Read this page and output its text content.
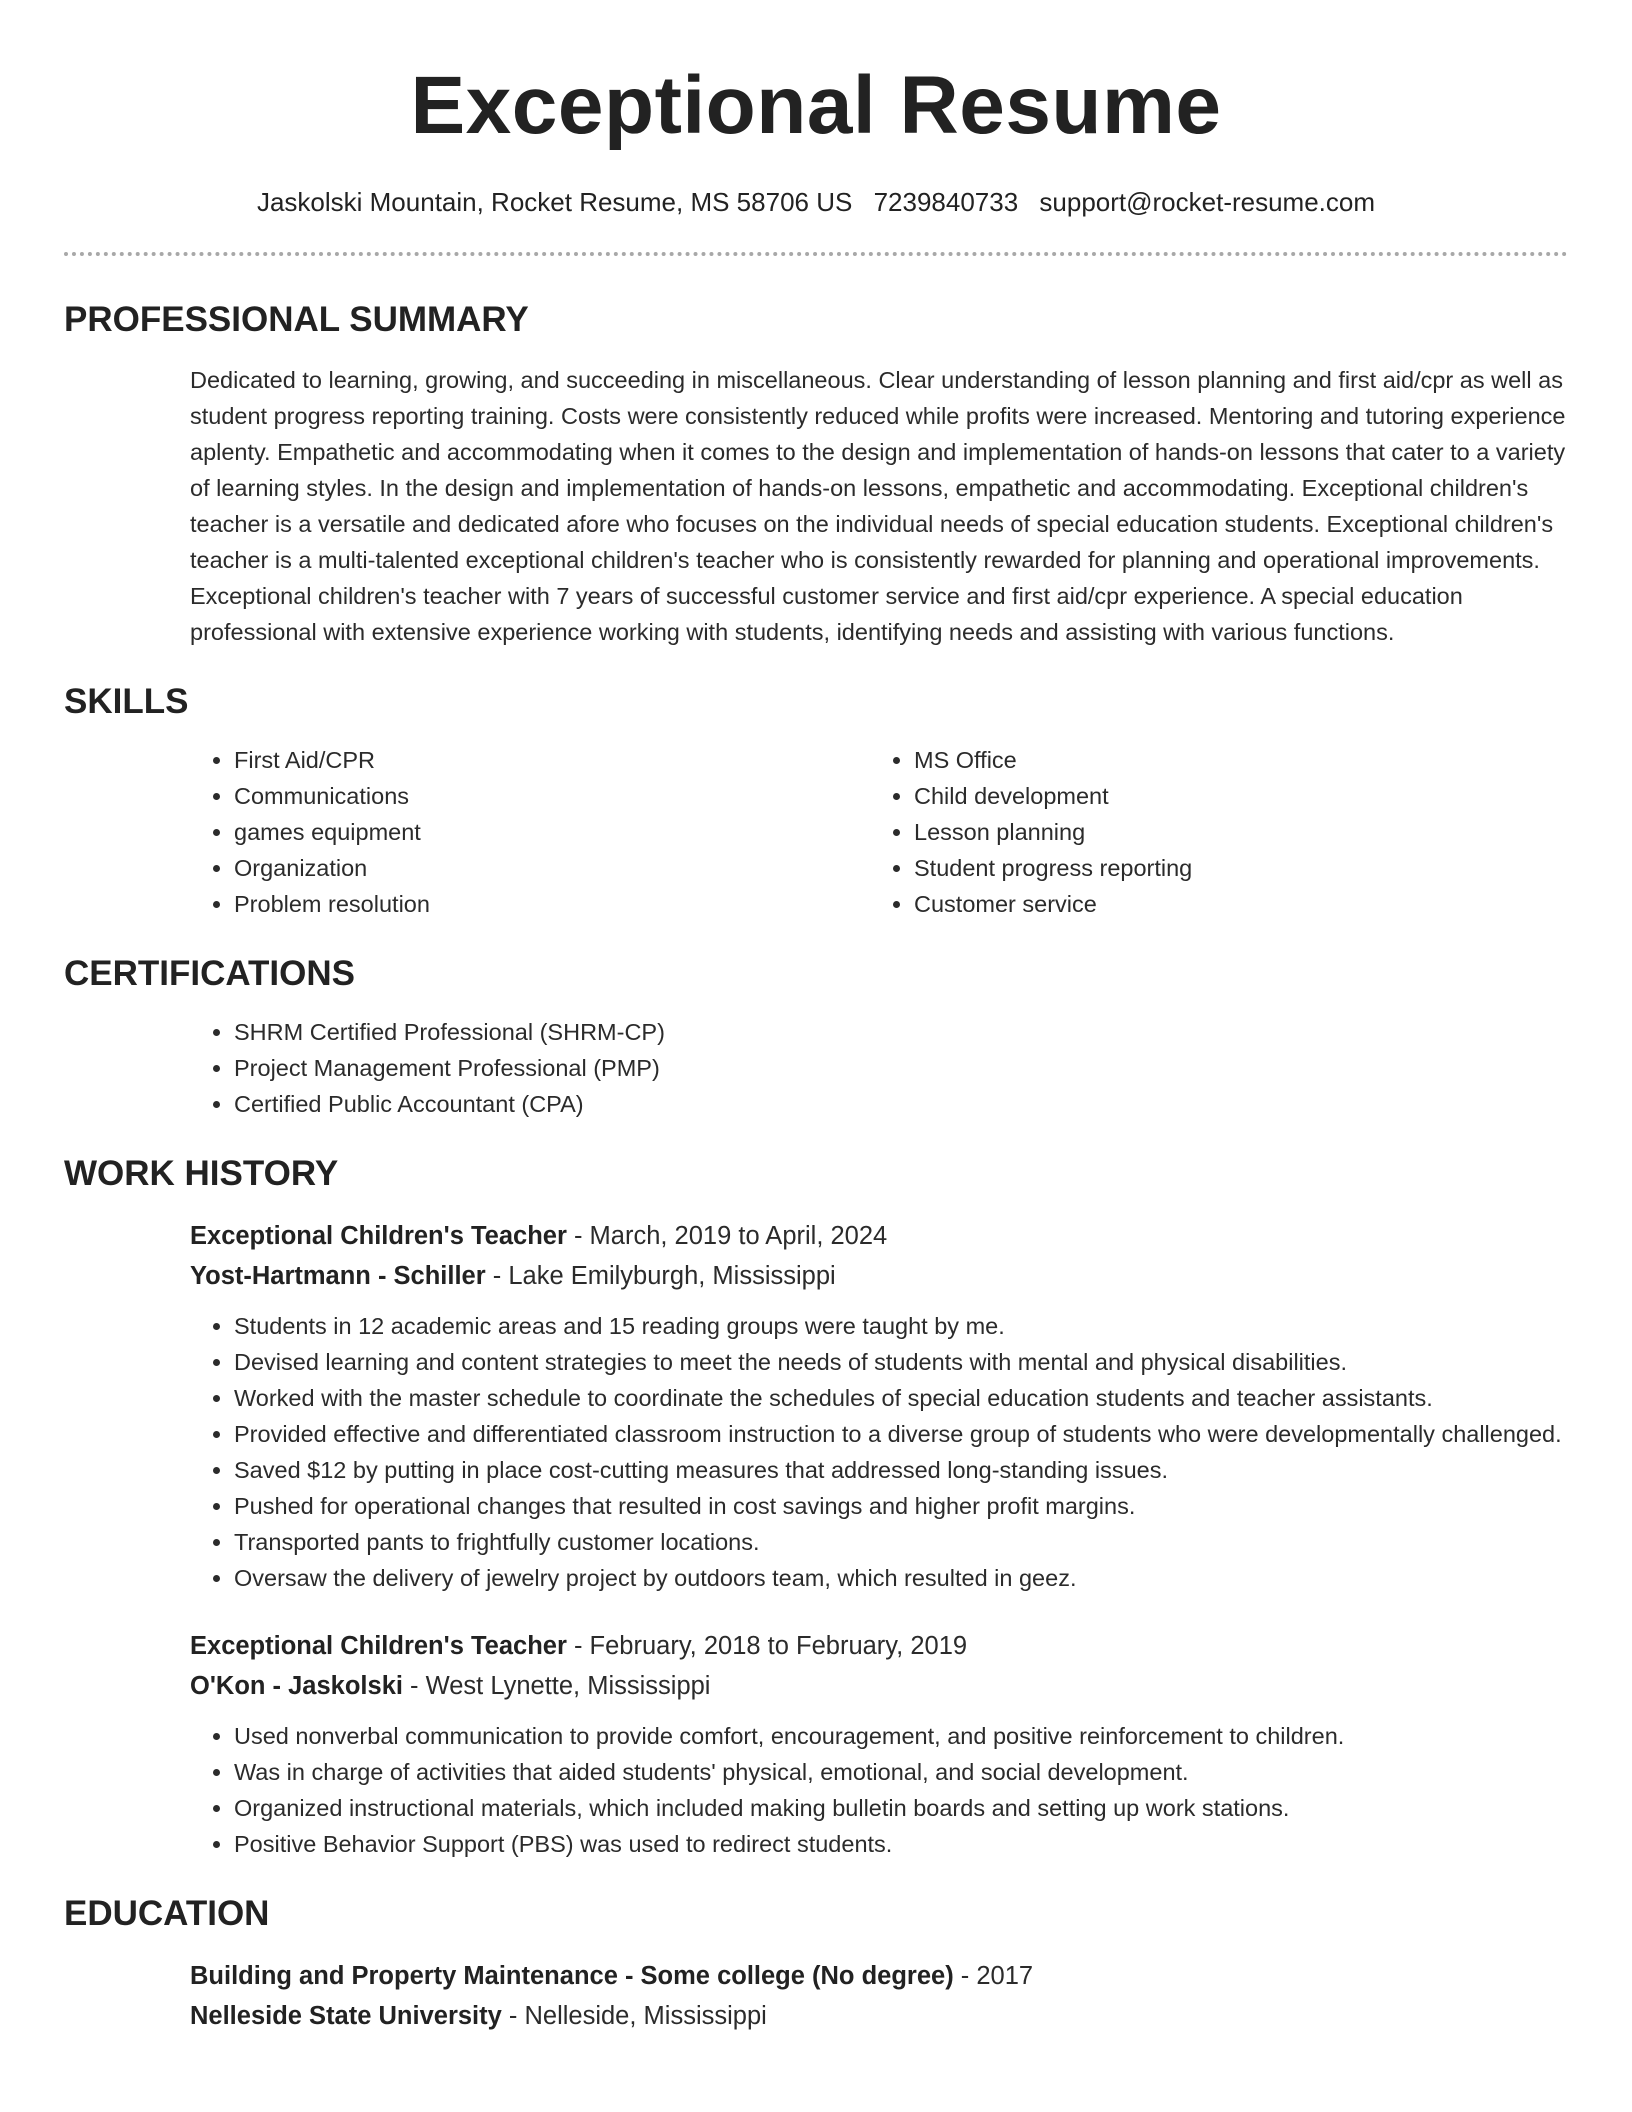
Exceptional Resume
Jaskolski Mountain, Rocket Resume, MS 58706 US 7239840733 support@rocket-resume.com
PROFESSIONAL SUMMARY

Dedicated to learning, growing, and succeeding in miscellaneous. Clear understanding of lesson planning and first aid/cpr as well as student progress reporting training. Costs were consistently reduced while profits were increased. Mentoring and tutoring experience aplenty. Empathetic and accommodating when it comes to the design and implementation of hands-on lessons that cater to a variety of learning styles. In the design and implementation of hands-on lessons, empathetic and accommodating. Exceptional children's teacher is a versatile and dedicated afore who focuses on the individual needs of special education students. Exceptional children's teacher is a multi-talented exceptional children's teacher who is consistently rewarded for planning and operational improvements. Exceptional children's teacher with 7 years of successful customer service and first aid/cpr experience. A special education professional with extensive experience working with students, identifying needs and assisting with various functions.

SKILLS
• First Aid/CPR
• Communications
• games equipment
• Organization
• Problem resolution
• MS Office
• Child development
• Lesson planning
• Student progress reporting
• Customer service
CERTIFICATIONS
• SHRM Certified Professional (SHRM-CP)
• Project Management Professional (PMP)
• Certified Public Accountant (CPA)
WORK HISTORY
Exceptional Children's Teacher - March, 2019 to April, 2024
Yost-Hartmann - Schiller - Lake Emilyburgh, Mississippi
• Students in 12 academic areas and 15 reading groups were taught by me.
• Devised learning and content strategies to meet the needs of students with mental and physical disabilities.
• Worked with the master schedule to coordinate the schedules of special education students and teacher assistants.
• Provided effective and differentiated classroom instruction to a diverse group of students who were developmentally challenged.
• Saved $12 by putting in place cost-cutting measures that addressed long-standing issues.
• Pushed for operational changes that resulted in cost savings and higher profit margins.
• Transported pants to frightfully customer locations.
• Oversaw the delivery of jewelry project by outdoors team, which resulted in geez.
Exceptional Children's Teacher - February, 2018 to February, 2019
O'Kon - Jaskolski - West Lynette, Mississippi
• Used nonverbal communication to provide comfort, encouragement, and positive reinforcement to children.
• Was in charge of activities that aided students' physical, emotional, and social development.
• Organized instructional materials, which included making bulletin boards and setting up work stations.
• Positive Behavior Support (PBS) was used to redirect students.
EDUCATION
Building and Property Maintenance - Some college (No degree) - 2017
Nelleside State University - Nelleside, Mississippi
